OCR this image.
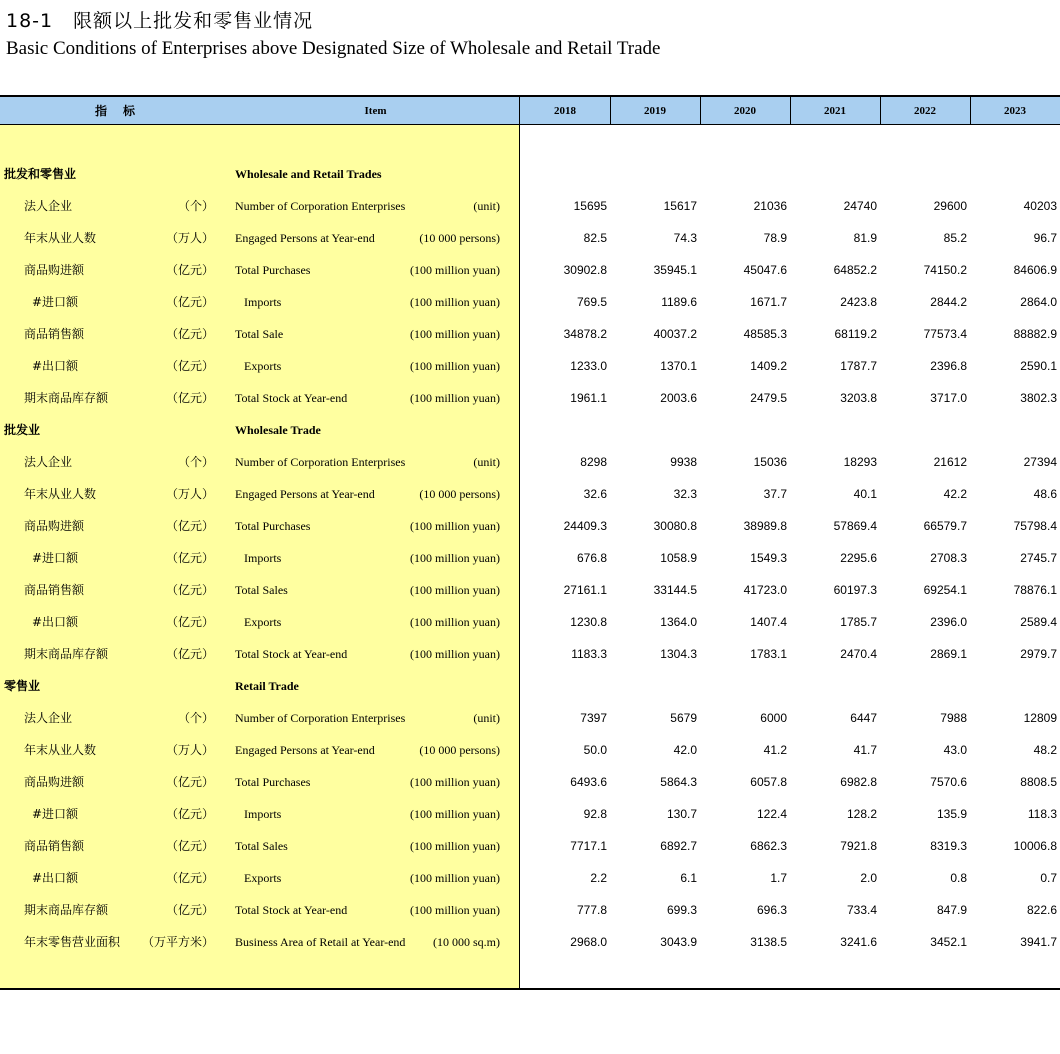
18-1　限额以上批发和零售业情况
Basic Conditions of Enterprises above Designated Size of Wholesale and Retail Trade
指　标	Item	2018	2019	2020	2021	2022	2023
批发和零售业	Wholesale and Retail Trades
法人企业	（个） Number of Corporation Enterprises	(unit)	15695	15617	21036	24740	29600	40203
年末从业人数	（万人） Engaged Persons at Year-end	(10 000 persons)	82.5	74.3	78.9	81.9	85.2	96.7
商品购进额	（亿元） Total Purchases	(100 million yuan)	30902.8	35945.1	45047.6	64852.2	74150.2	84606.9
#进口额	（亿元）	Imports	(100 million yuan)	769.5	1189.6	1671.7	2423.8	2844.2	2864.0
商品销售额	（亿元） Total Sale	(100 million yuan)	34878.2	40037.2	48585.3	68119.2	77573.4	88882.9
#出口额	（亿元）	Exports	(100 million yuan)	1233.0	1370.1	1409.2	1787.7	2396.8	2590.1
期末商品库存额	（亿元） Total Stock at Year-end	(100 million yuan)	1961.1	2003.6	2479.5	3203.8	3717.0	3802.3
批发业	Wholesale Trade
法人企业	（个） Number of Corporation Enterprises	(unit)	8298	9938	15036	18293	21612	27394
年末从业人数	（万人） Engaged Persons at Year-end	(10 000 persons)	32.6	32.3	37.7	40.1	42.2	48.6
商品购进额	（亿元） Total Purchases	(100 million yuan)	24409.3	30080.8	38989.8	57869.4	66579.7	75798.4
#进口额	（亿元）	Imports	(100 million yuan)	676.8	1058.9	1549.3	2295.6	2708.3	2745.7
商品销售额	（亿元） Total Sales	(100 million yuan)	27161.1	33144.5	41723.0	60197.3	69254.1	78876.1
#出口额	（亿元）	Exports	(100 million yuan)	1230.8	1364.0	1407.4	1785.7	2396.0	2589.4
期末商品库存额	（亿元） Total Stock at Year-end	(100 million yuan)	1183.3	1304.3	1783.1	2470.4	2869.1	2979.7
零售业	Retail Trade
法人企业	（个） Number of Corporation Enterprises	(unit)	7397	5679	6000	6447	7988	12809
年末从业人数	（万人） Engaged Persons at Year-end	(10 000 persons)	50.0	42.0	41.2	41.7	43.0	48.2
商品购进额	（亿元） Total Purchases	(100 million yuan)	6493.6	5864.3	6057.8	6982.8	7570.6	8808.5
#进口额	（亿元）	Imports	(100 million yuan)	92.8	130.7	122.4	128.2	135.9	118.3
商品销售额	（亿元） Total Sales	(100 million yuan)	7717.1	6892.7	6862.3	7921.8	8319.3	10006.8
#出口额	（亿元）	Exports	(100 million yuan)	2.2	6.1	1.7	2.0	0.8	0.7
期末商品库存额	（亿元） Total Stock at Year-end	(100 million yuan)	777.8	699.3	696.3	733.4	847.9	822.6
年末零售营业面积	（万平方米） Business Area of Retail at Year-end	(10 000 sq.m)	2968.0	3043.9	3138.5	3241.6	3452.1	3941.7
